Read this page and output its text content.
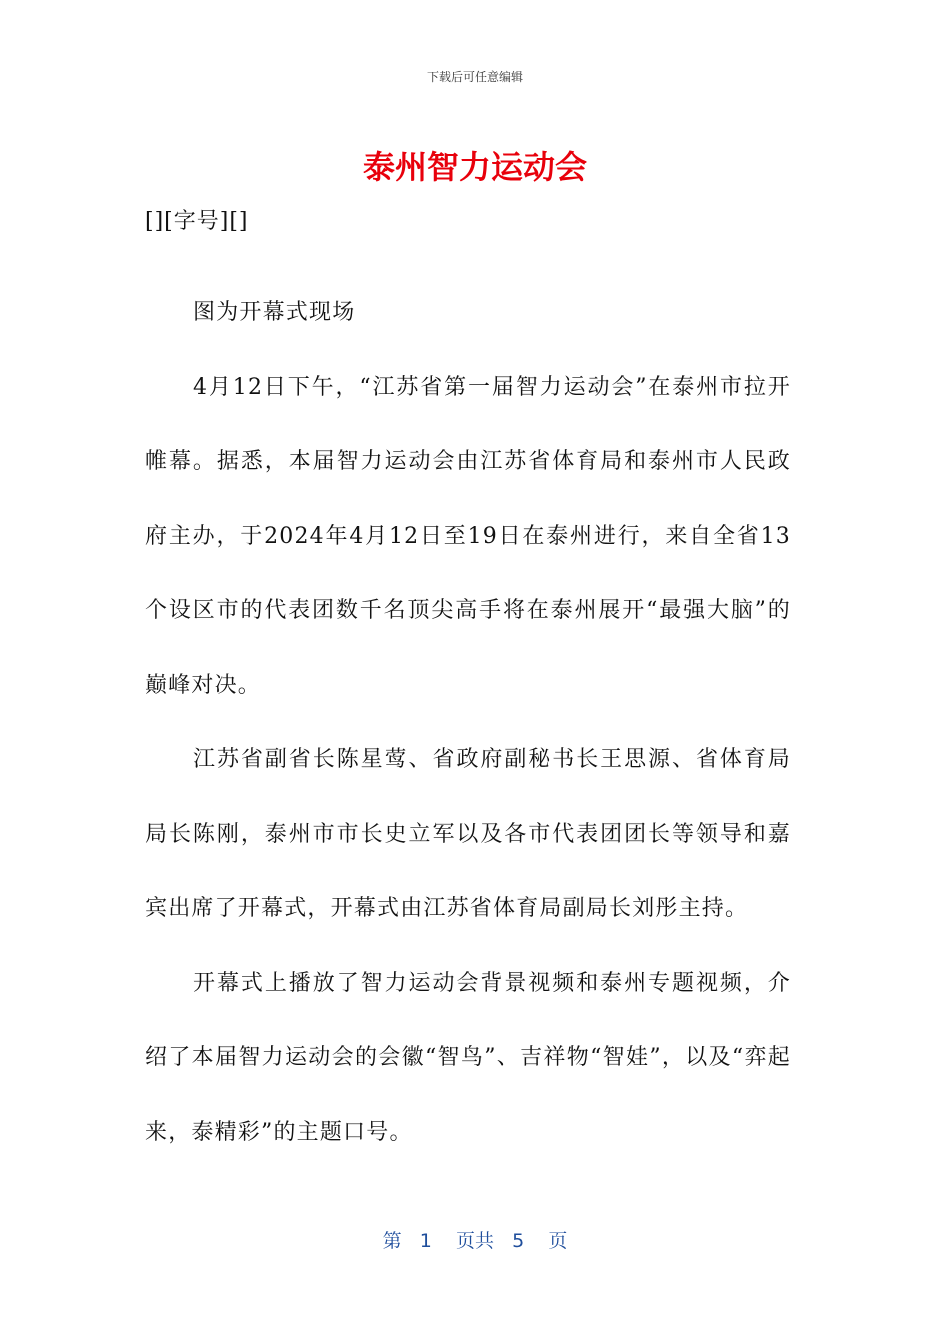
下载后可任意编辑
泰州智力运动会
[][字号][]

图为开幕式现场

4月12日下午，“江苏省第一届智力运动会”在泰州市拉开帷幕。据悉，本届智力运动会由江苏省体育局和泰州市人民政府主办，于2024年4月12日至19日在泰州进行，来自全省13个设区市的代表团数千名顶尖高手将在泰州展开“最强大脑”的巅峰对决。

江苏省副省长陈星莺、省政府副秘书长王思源、省体育局局长陈刚，泰州市市长史立军以及各市代表团团长等领导和嘉宾出席了开幕式，开幕式由江苏省体育局副局长刘彤主持。

开幕式上播放了智力运动会背景视频和泰州专题视频，介绍了本届智力运动会的会徽“智鸟”、吉祥物“智娃”，以及“弈起来，泰精彩”的主题口号。

第 1 页共 5 页
